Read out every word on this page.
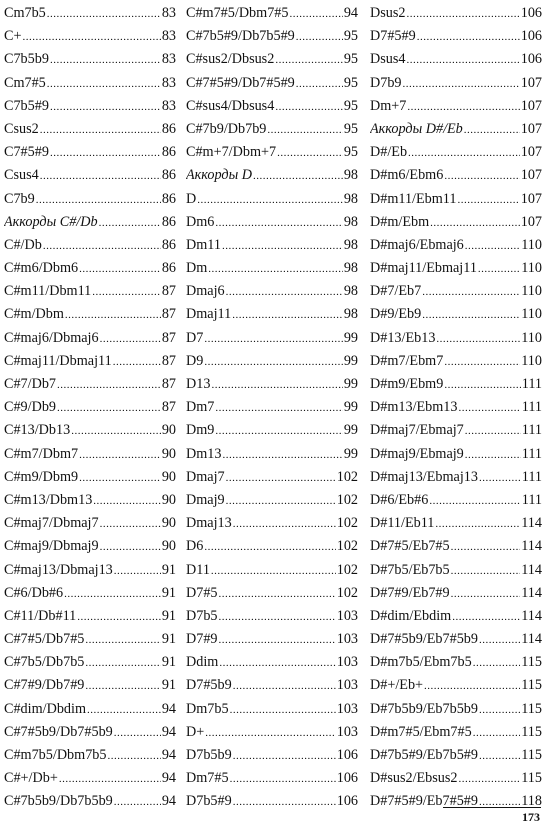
Cm7b5 .....	83
C+ .....	83
C7b5b9 .....	83
Cm7#5 .....	83
C7b5#9 .....	83
Csus2 .....	86
C7#5#9 .....	86
Csus4 .....	86
C7b9 .....	86
Аккорды C#/Db .....	86
C#/Db .....	86
C#m6/Dbm6 .....	86
C#m11/Dbm11 .....	87
C#m/Dbm .....	87
C#maj6/Dbmaj6 .....	87
C#maj11/Dbmaj11 .....	87
C#7/Db7 .....	87
C#9/Db9 .....	87
C#13/Db13 .....	90
C#m7/Dbm7 .....	90
C#m9/Dbm9 .....	90
C#m13/Dbm13 .....	90
C#maj7/Dbmaj7 .....	90
C#maj9/Dbmaj9 .....	90
C#maj13/Dbmaj13 .....	91
C#6/Db#6 .....	91
C#11/Db#11 .....	91
C#7#5/Db7#5 .....	91
C#7b5/Db7b5 .....	91
C#7#9/Db7#9 .....	91
C#dim/Dbdim .....	94
C#7#5b9/Db7#5b9 .....	94
C#m7b5/Dbm7b5 .....	94
C#+/Db+ .....	94
C#7b5b9/Db7b5b9 .....	94
C#m7#5/Dbm7#5 .....	94
C#7b5#9/Db7b5#9 .....	95
C#sus2/Dbsus2 .....	95
C#7#5#9/Db7#5#9 .....	95
C#sus4/Dbsus4 .....	95
C#7b9/Db7b9 .....	95
C#m+7/Dbm+7 .....	95
Аккорды D .....	98
D .....	98
Dm6 .....	98
Dm11 .....	98
Dm .....	98
Dmaj6 .....	98
Dmaj11 .....	98
D7 .....	99
D9 .....	99
D13 .....	99
Dm7 .....	99
Dm9 .....	99
Dm13 .....	99
Dmaj7 .....	102
Dmaj9 .....	102
Dmaj13 .....	102
D6 .....	102
D11 .....	102
D7#5 .....	102
D7b5 .....	103
D7#9 .....	103
Ddim .....	103
D7#5b9 .....	103
Dm7b5 .....	103
D+ .....	103
D7b5b9 .....	106
Dm7#5 .....	106
D7b5#9 .....	106
Dsus2 .....	106
D7#5#9 .....	106
Dsus4 .....	106
D7b9 .....	107
Dm+7 .....	107
Аккорды D#/Eb .....	107
D#/Eb .....	107
D#m6/Ebm6 .....	107
D#m11/Ebm11 .....	107
D#m/Ebm .....	107
D#maj6/Ebmaj6 .....	110
D#maj11/Ebmaj11 .....	110
D#7/Eb7 .....	110
D#9/Eb9 .....	110
D#13/Eb13 .....	110
D#m7/Ebm7 .....	110
D#m9/Ebm9 .....	111
D#m13/Ebm13 .....	111
D#maj7/Ebmaj7 .....	111
D#maj9/Ebmaj9 .....	111
D#maj13/Ebmaj13 .....	111
D#6/Eb#6 .....	111
D#11/Eb11 .....	114
D#7#5/Eb7#5 .....	114
D#7b5/Eb7b5 .....	114
D#7#9/Eb7#9 .....	114
D#dim/Ebdim .....	114
D#7#5b9/Eb7#5b9 .....	114
D#m7b5/Ebm7b5 .....	115
D#+/Eb+ .....	115
D#7b5b9/Eb7b5b9 .....	115
D#m7#5/Ebm7#5 .....	115
D#7b5#9/Eb7b5#9 .....	115
D#sus2/Ebsus2 .....	115
D#7#5#9/Eb7#5#9 .....	118
173
